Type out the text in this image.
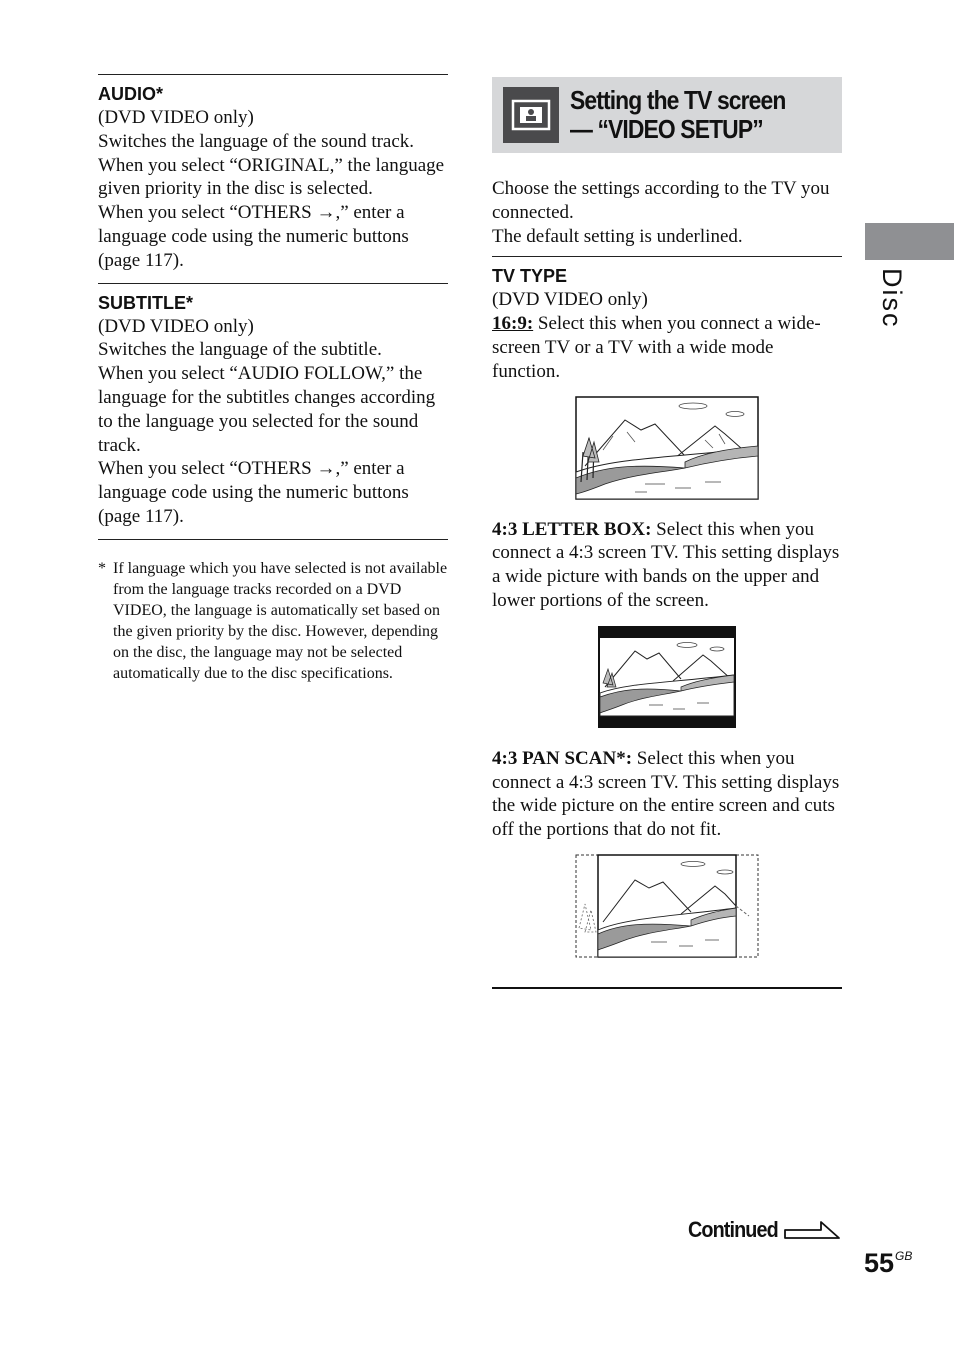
AUDIO*

(DVD VIDEO only)

Switches the language of the sound track.

When you select “ORIGINAL,” the language given priority in the disc is selected.

When you select “OTHERS →,” enter a language code using the numeric buttons (page 117).

SUBTITLE*

(DVD VIDEO only)

Switches the language of the subtitle.

When you select “AUDIO FOLLOW,” the language for the subtitles changes according to the language you selected for the sound track.

When you select “OTHERS →,” enter a language code using the numeric buttons (page 117).

* If language which you have selected is not available from the language tracks recorded on a DVD VIDEO, the language is automatically set based on the given priority by the disc. However, depending on the disc, the language may not be selected automatically due to the disc specifications.
Setting the TV screen
— “VIDEO SETUP”

Choose the settings according to the TV you connected.

The default setting is underlined.

TV TYPE

(DVD VIDEO only)

16:9: Select this when you connect a wide-screen TV or a TV with a wide mode function.

4:3 LETTER BOX: Select this when you connect a 4:3 screen TV. This setting displays a wide picture with bands on the upper and lower portions of the screen.

4:3 PAN SCAN*: Select this when you connect a 4:3 screen TV. This setting displays the wide picture on the entire screen and cuts off the portions that do not fit.

Disc
Continued
$55^{GB}$
